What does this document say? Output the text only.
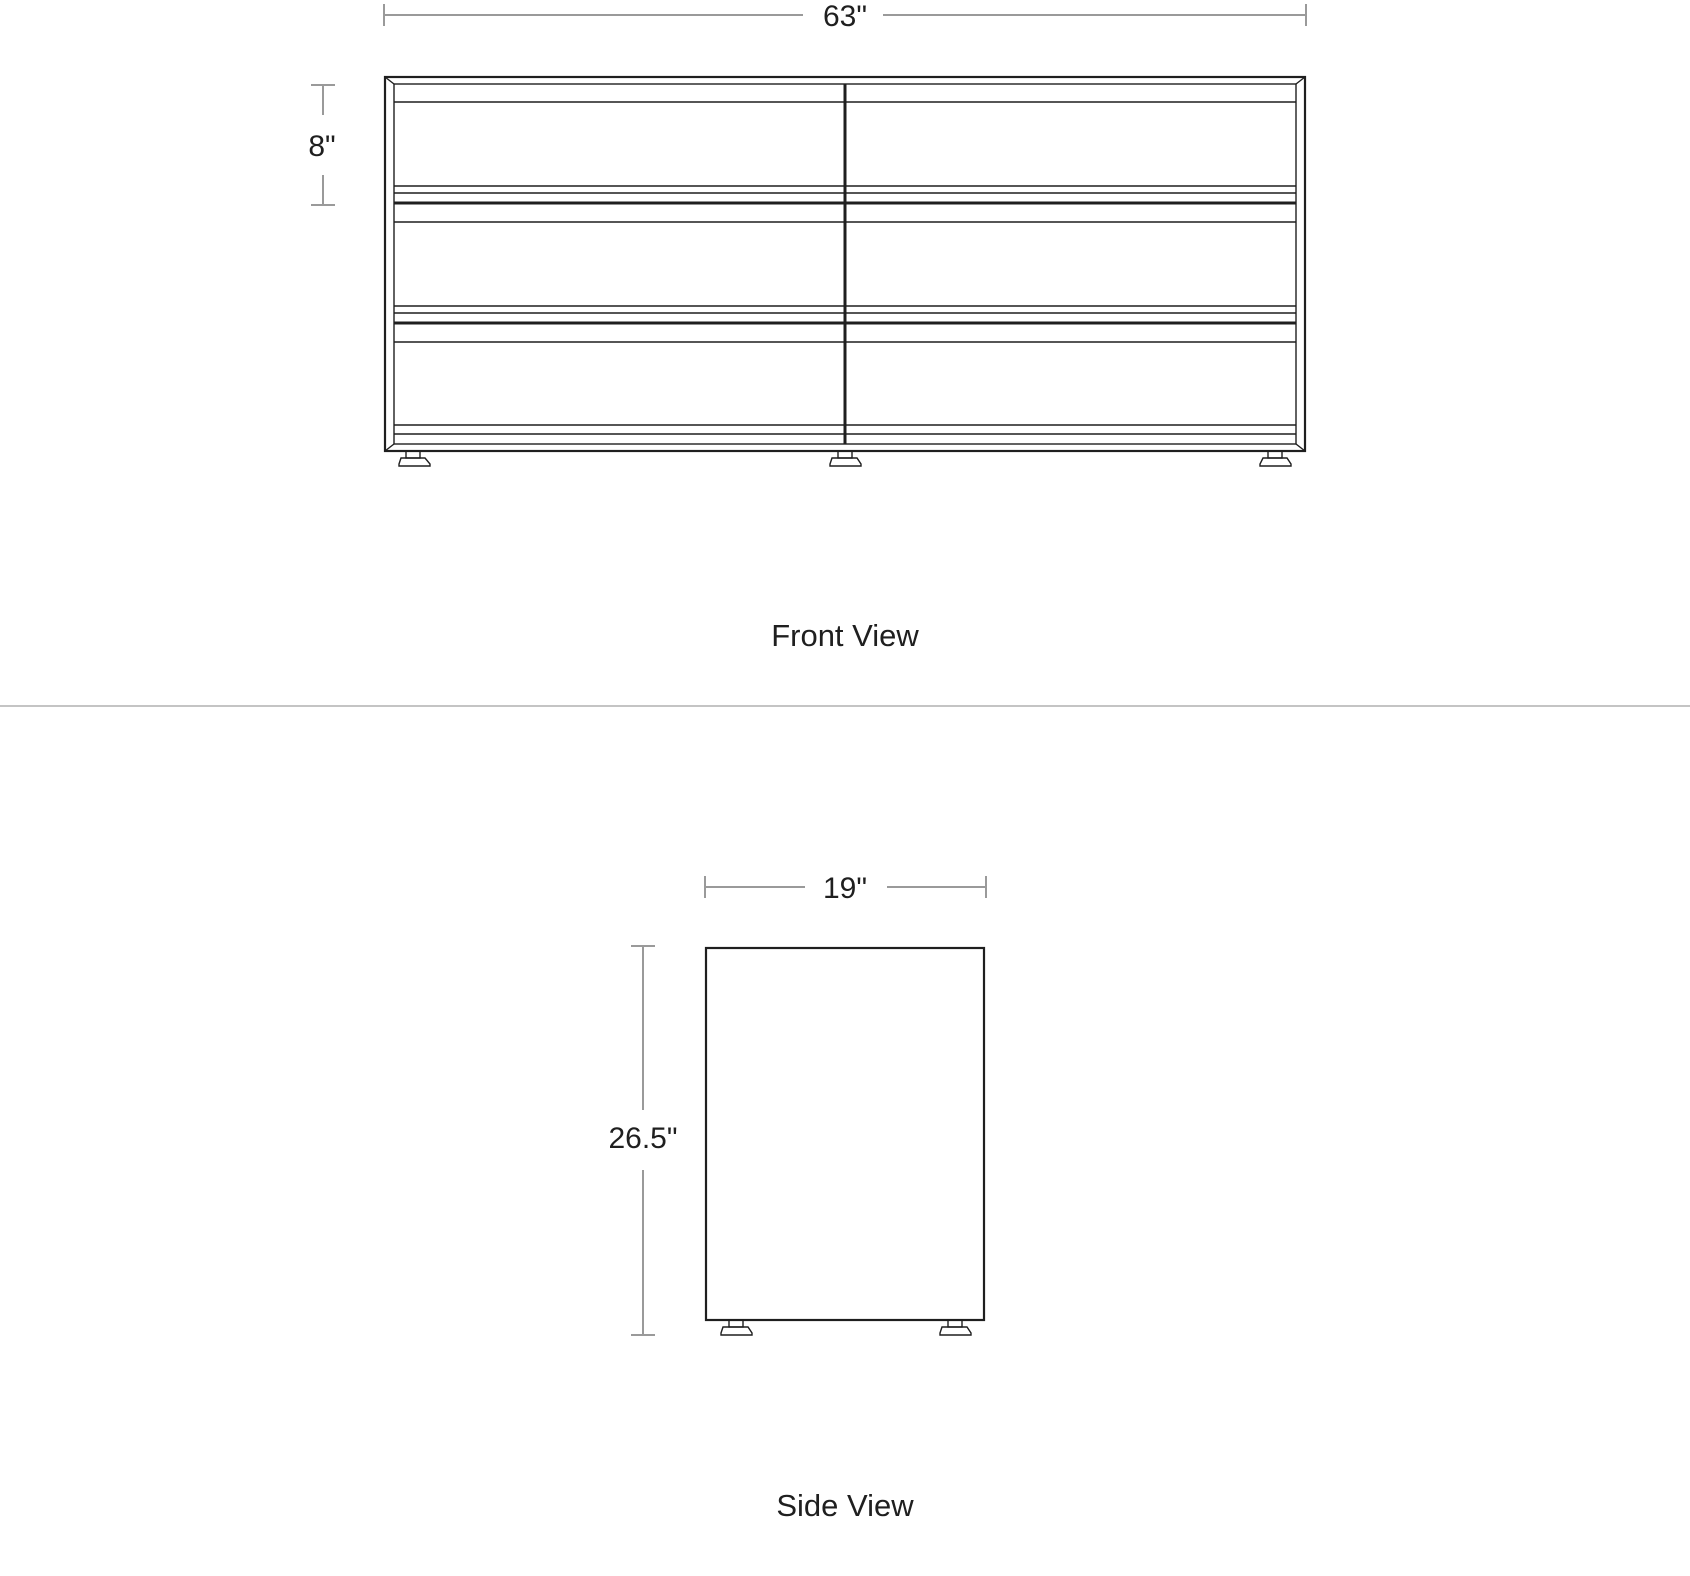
63"
8"
Front View
19"
26.5"
Side View
